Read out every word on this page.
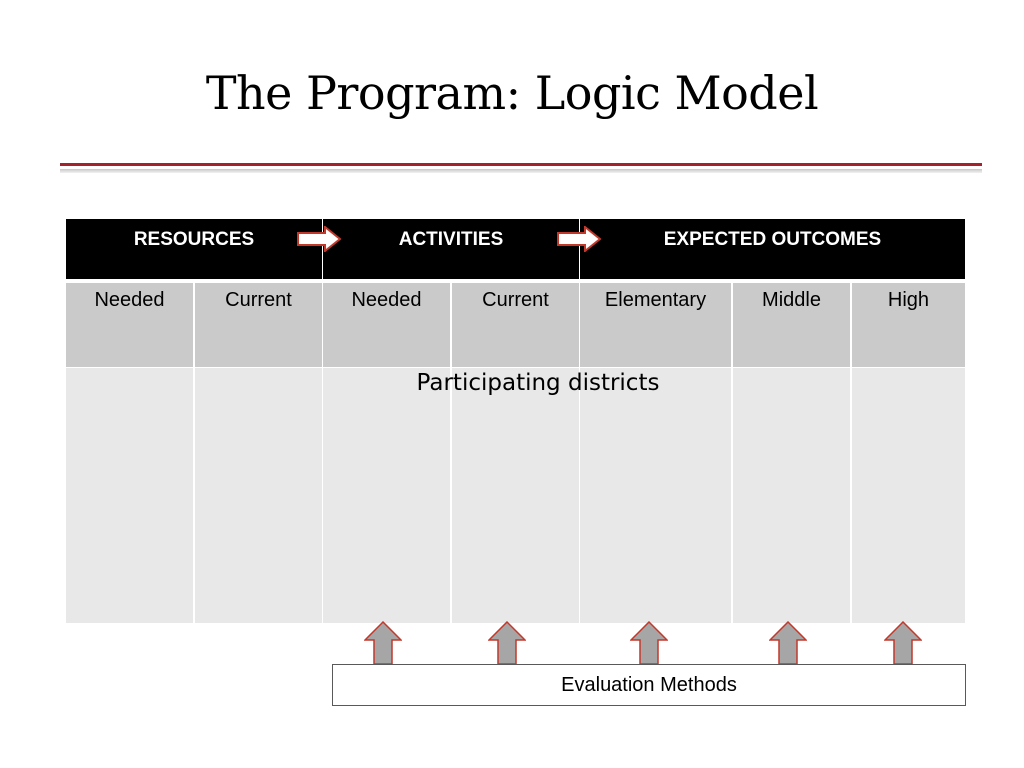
The Program: Logic Model
RESOURCES	ACTIVITIES	EXPECTED OUTCOMES
Needed	Current	Needed	Current	Elementary	Middle	High
Participating districts
Evaluation Methods
